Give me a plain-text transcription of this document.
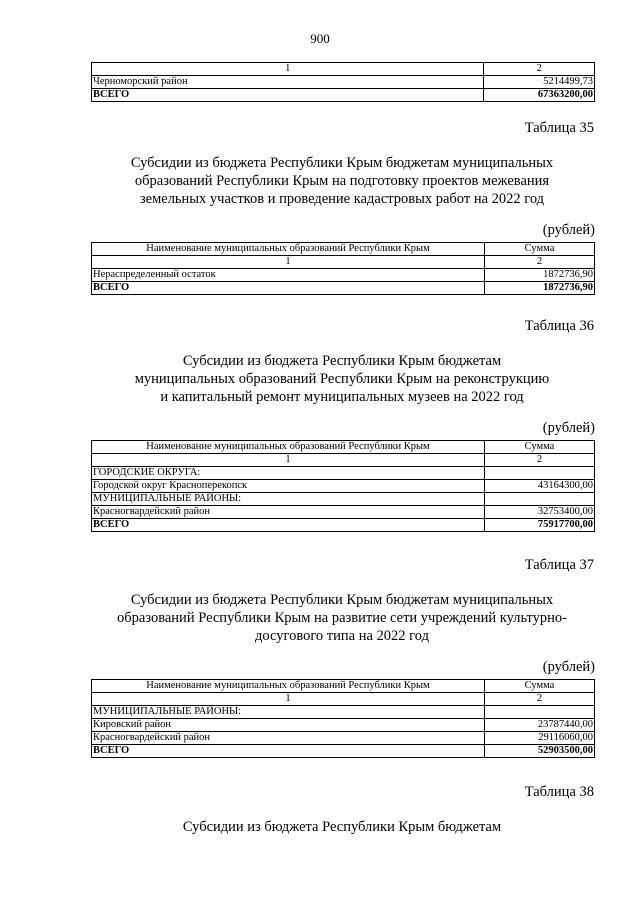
900
1	2
Черноморский район	5214499,73
ВСЕГО	67363200,00
Таблица 35
Субсидии из бюджета Республики Крым бюджетам муниципальных
образований Республики Крым на подготовку проектов межевания
земельных участков и проведение кадастровых работ на 2022 год
(рублей)
Наименование муниципальных образований Республики Крым	Сумма
1	2
Нераспределенный остаток	1872736,90
ВСЕГО	1872736,90
Таблица 36
Субсидии из бюджета Республики Крым бюджетам
муниципальных образований Республики Крым на реконструкцию
и капитальный ремонт муниципальных музеев на 2022 год
(рублей)
Наименование муниципальных образований Республики Крым	Сумма
1	2
ГОРОДСКИЕ ОКРУГА:	
Городской округ Красноперекопск	43164300,00
МУНИЦИПАЛЬНЫЕ РАЙОНЫ:	
Красногвардейский район	32753400,00
ВСЕГО	75917700,00
Таблица 37
Субсидии из бюджета Республики Крым бюджетам муниципальных
образований Республики Крым на развитие сети учреждений культурно-
досугового типа на 2022 год
(рублей)
Наименование муниципальных образований Республики Крым	Сумма
1	2
МУНИЦИПАЛЬНЫЕ РАЙОНЫ:	
Кировский район	23787440,00
Красногвардейский район	29116060,00
ВСЕГО	52903500,00
Таблица 38
Субсидии из бюджета Республики Крым бюджетам
